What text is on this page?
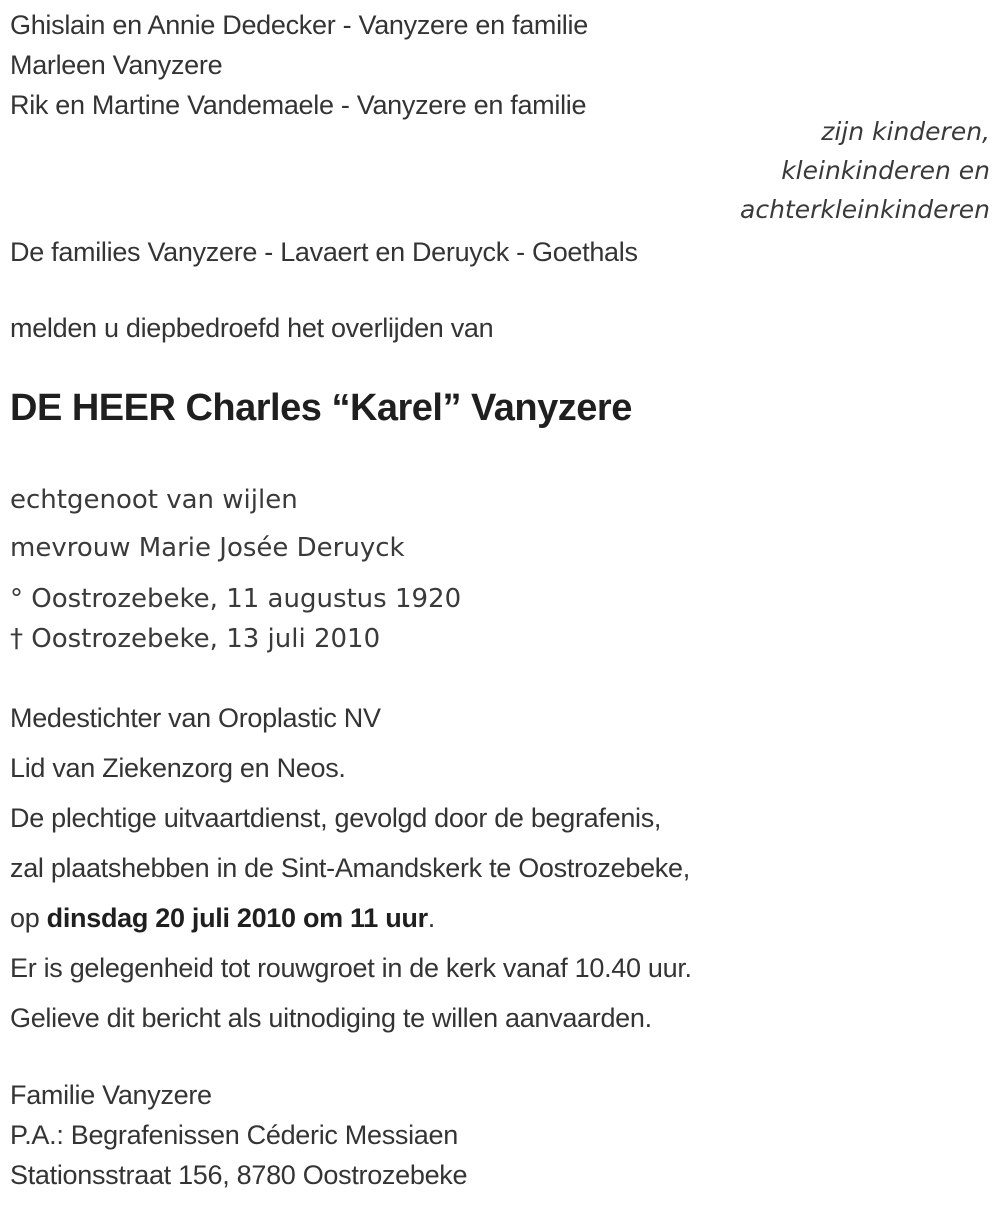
Ghislain en Annie Dedecker - Vanyzere en familie

Marleen Vanyzere

Rik en Martine Vandemaele - Vanyzere en familie

zijn kinderen,

kleinkinderen en

achterkleinkinderen

De families Vanyzere - Lavaert en Deruyck - Goethals

melden u diepbedroefd het overlijden van

DE HEER Charles “Karel” Vanyzere

echtgenoot van wijlen

mevrouw Marie Josée Deruyck

° Oostrozebeke, 11 augustus 1920

† Oostrozebeke, 13 juli 2010

Medestichter van Oroplastic NV

Lid van Ziekenzorg en Neos.

De plechtige uitvaartdienst, gevolgd door de begrafenis,

zal plaatshebben in de Sint-Amandskerk te Oostrozebeke,

op dinsdag 20 juli 2010 om 11 uur.

Er is gelegenheid tot rouwgroet in de kerk vanaf 10.40 uur.

Gelieve dit bericht als uitnodiging te willen aanvaarden.

Familie Vanyzere

P.A.: Begrafenissen Céderic Messiaen

Stationsstraat 156, 8780 Oostrozebeke
